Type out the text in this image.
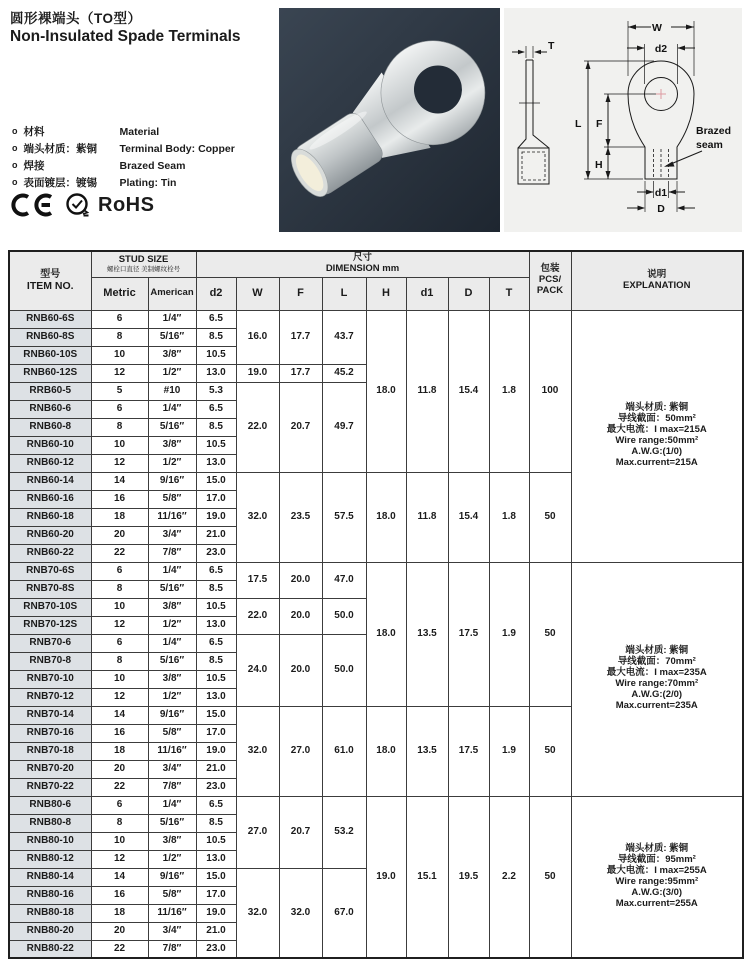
圆形裸端头（TO型）
Non-Insulated Spade Terminals
o 材料	Material
o 端头材质：紫铜	Terminal Body: Copper
o 焊接	Brazed Seam
o 表面镀层：镀锡	Plating: Tin
RoHS
W
d2
T
L F
H
d1
D
Brazed
seam
型号
ITEM NO.	STUD SIZE
螺栓口直径 美制螺纹栓号		尺寸
DIMENSION mm								包装
PCS/
PACK	说明
EXPLANATION
	Metric	American	d2	W	F	L	H	d1	D	T		
RNB60-6S	6	1/4″	6.5	16.0	17.7	43.7	18.0	11.8	15.4	1.8	100	
端头材质: 紫铜
导线截面：50mm²
最大电流：I max=215A
Wire range:50mm²
A.W.G:(1/0)
Max.current=215A

RNB60-8S	8	5/16″	8.5									
RNB60-10S	10	3/8″	10.5									
RNB60-12S	12	1/2″	13.0	19.0	17.7	45.2						
RRB60-5	5	#10	5.3	22.0	20.7	49.7						
RNB60-6	6	1/4″	6.5									
RNB60-8	8	5/16″	8.5									
RNB60-10	10	3/8″	10.5									
RNB60-12	12	1/2″	13.0									
RNB60-14	14	9/16″	15.0	32.0	23.5	57.5	18.0	11.8	15.4	1.8	50	
RNB60-16	16	5/8″	17.0									
RNB60-18	18	11/16″	19.0									
RNB60-20	20	3/4″	21.0									
RNB60-22	22	7/8″	23.0									
RNB70-6S	6	1/4″	6.5	17.5	20.0	47.0	18.0	13.5	17.5	1.9	50	
端头材质: 紫铜
导线截面：70mm²
最大电流：I max=235A
Wire range:70mm²
A.W.G:(2/0)
Max.current=235A

RNB70-8S	8	5/16″	8.5									
RNB70-10S	10	3/8″	10.5	22.0	20.0	50.0						
RNB70-12S	12	1/2″	13.0									
RNB70-6	6	1/4″	6.5	24.0	20.0	50.0						
RNB70-8	8	5/16″	8.5									
RNB70-10	10	3/8″	10.5									
RNB70-12	12	1/2″	13.0									
RNB70-14	14	9/16″	15.0	32.0	27.0	61.0	18.0	13.5	17.5	1.9	50	
RNB70-16	16	5/8″	17.0									
RNB70-18	18	11/16″	19.0									
RNB70-20	20	3/4″	21.0									
RNB70-22	22	7/8″	23.0									
RNB80-6	6	1/4″	6.5	27.0	20.7	53.2	19.0	15.1	19.5	2.2	50	
端头材质: 紫铜
导线截面：95mm²
最大电流：I max=255A
Wire range:95mm²
A.W.G:(3/0)
Max.current=255A

RNB80-8	8	5/16″	8.5									
RNB80-10	10	3/8″	10.5									
RNB80-12	12	1/2″	13.0									
RNB80-14	14	9/16″	15.0	32.0	32.0	67.0						
RNB80-16	16	5/8″	17.0									
RNB80-18	18	11/16″	19.0									
RNB80-20	20	3/4″	21.0									
RNB80-22	22	7/8″	23.0									
